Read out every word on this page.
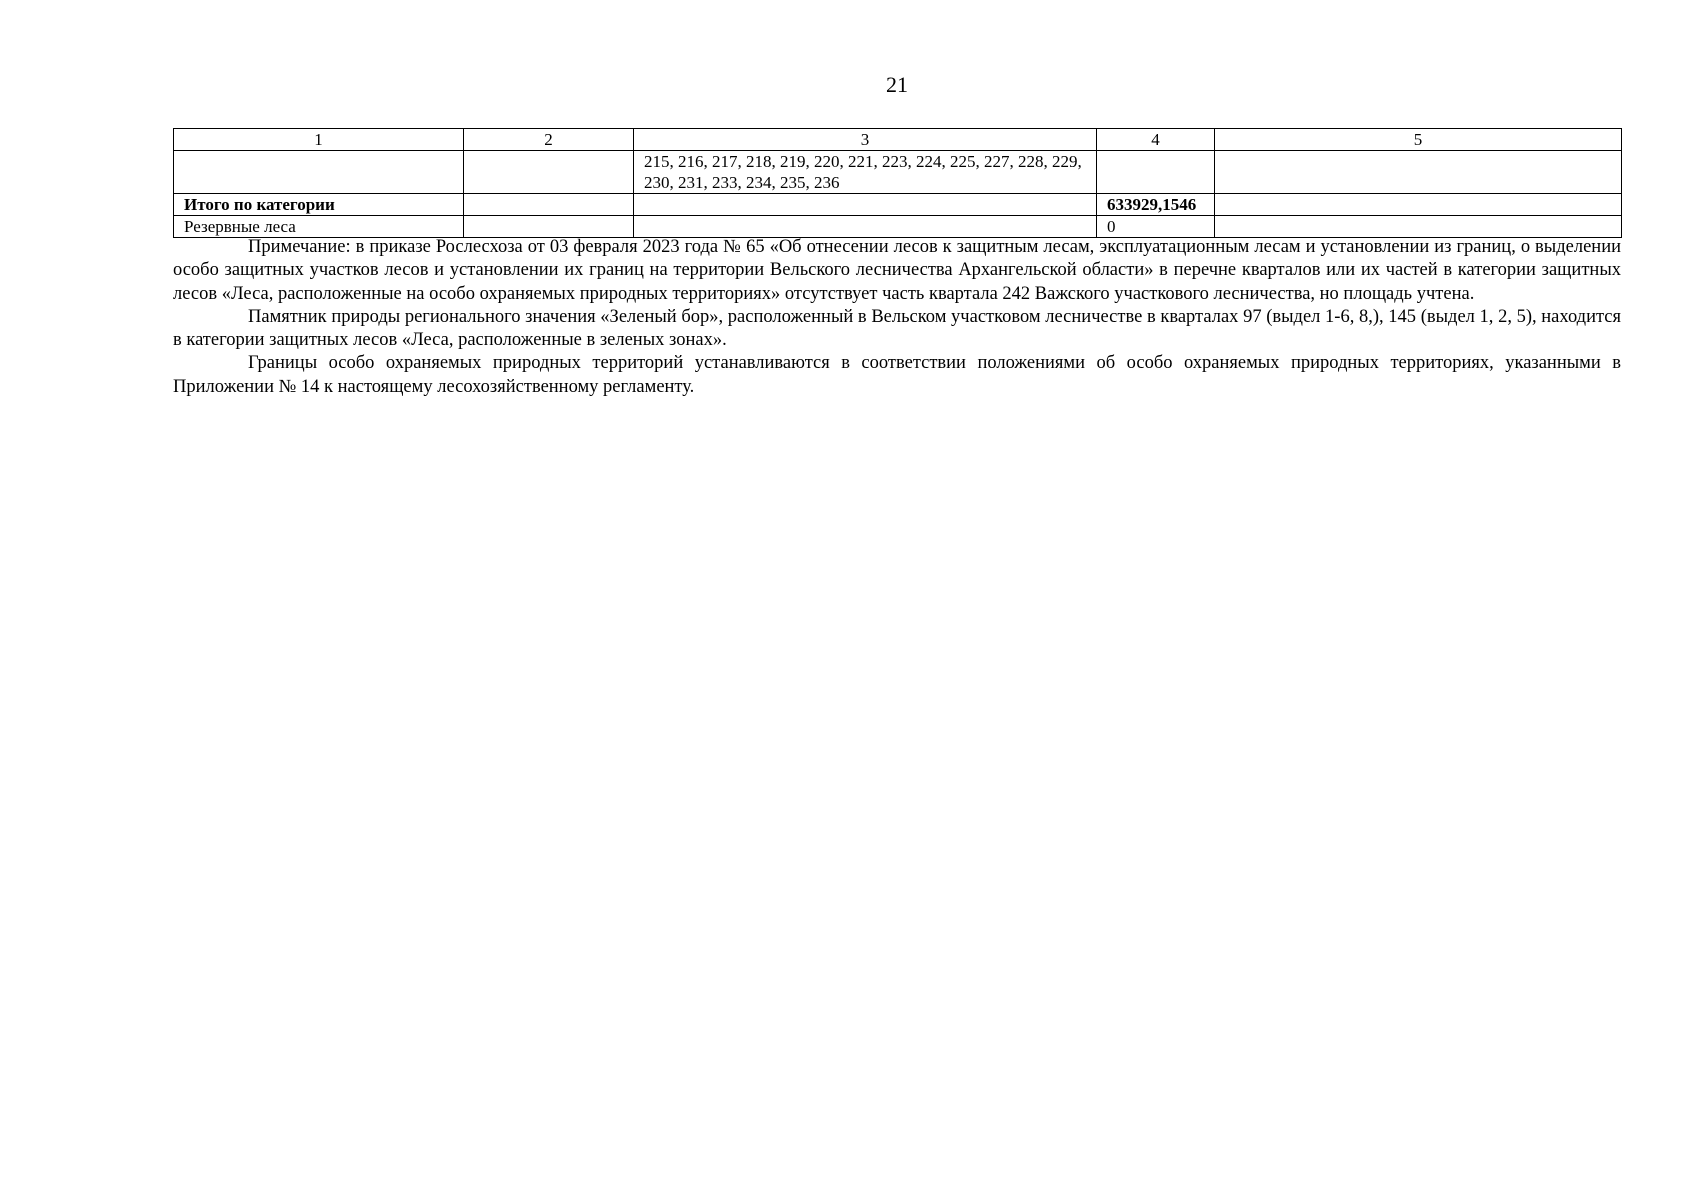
21
1	2	3	4	5
		215, 216, 217, 218, 219, 220, 221, 223, 224, 225, 227, 228, 229, 230, 231, 233, 234, 235, 236		
Итого по категории			633929,1546	
Резервные леса			0	

Примечание: в приказе Рослесхоза от 03 февраля 2023 года № 65 «Об отнесении лесов к защитным лесам, эксплуатационным лесам и установлении из границ, о выделении особо защитных участков лесов и установлении их границ на территории Вельского лесничества Архангельской области» в перечне кварталов или их частей в категории защитных лесов «Леса, расположенные на особо охраняемых природных территориях» отсутствует часть квартала 242 Важского участкового лесничества, но площадь учтена.

Памятник природы регионального значения «Зеленый бор», расположенный в Вельском участковом лесничестве в кварталах 97 (выдел 1-6, 8,), 145 (выдел 1, 2, 5), находится в категории защитных лесов «Леса, расположенные в зеленых зонах».

Границы особо охраняемых природных территорий устанавливаются в соответствии положениями об особо охраняемых природных территориях, указанными в Приложении № 14 к настоящему лесохозяйственному регламенту.
